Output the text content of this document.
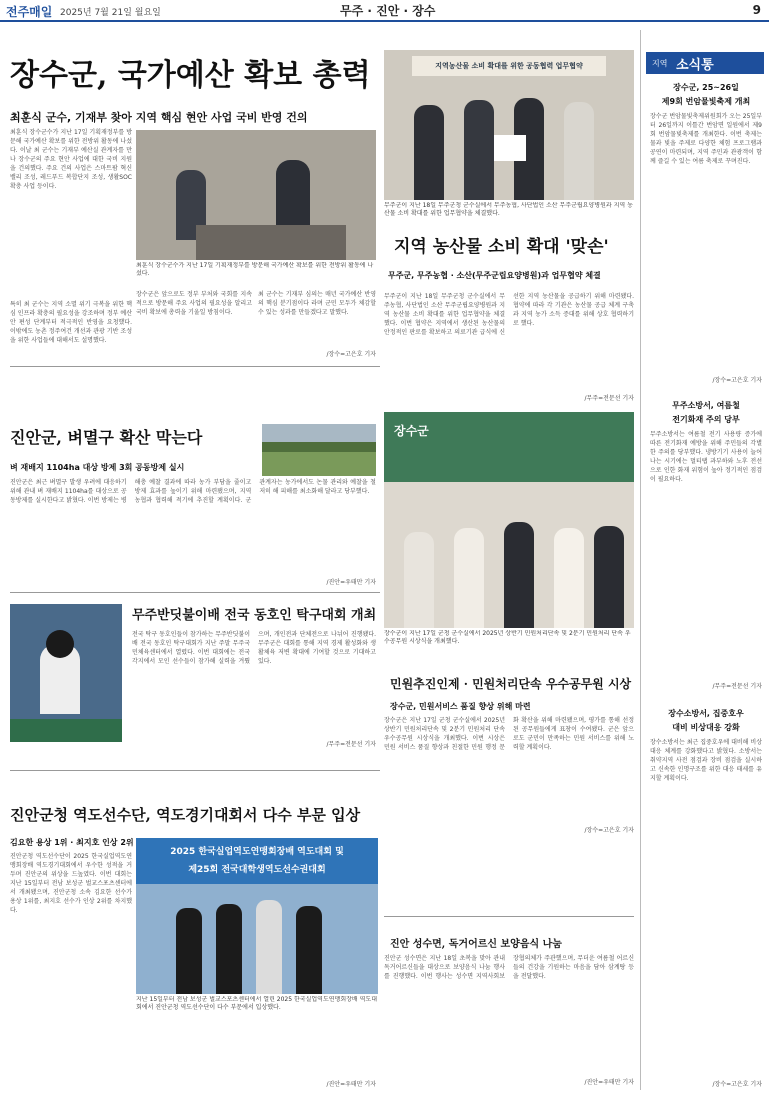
전주매일 2025년 7월 21일 월요일	무주 · 진안 · 장수	9
장수군, 국가예산 확보 총력
최훈식 군수, 기재부 찾아 지역 핵심 현안 사업 국비 반영 건의
최훈식 장수군수가 지난 17일 기획재정부를 방문해 국가예산 확보를 위한 전방위 활동에 나섰다. 이날 최 군수는 기재부 예산실 관계자를 만나 장수군의 주요 현안 사업에 대한 국비 지원을 건의했다. 주요 건의 사업은 스마트팜 혁신밸리 조성, 레드푸드 복합단지 조성, 생활SOC 확충 사업 등이다.
최훈식 장수군수가 지난 17일 기획재정부를 방문해 국가예산 확보를 위한 전방위 활동에 나섰다.
특히 최 군수는 지역 소멸 위기 극복을 위한 핵심 인프라 확충의 필요성을 강조하며 정부 예산안 편성 단계부터 적극적인 반영을 요청했다. 이밖에도 농촌 정주여건 개선과 관광 기반 조성을 위한 사업들에 대해서도 설명했다.
장수군은 앞으로도 정부 부처와 국회를 지속적으로 방문해 주요 사업의 필요성을 알리고 국비 확보에 총력을 기울일 방침이다.
최 군수는 기재부 심의는 매년 국가예산 반영의 핵심 분기점이다 라며 군민 모두가 체감할 수 있는 성과를 만들겠다고 말했다.
/장수=고은호 기자
지역농산물 소비 확대를 위한 공동협력 업무협약
무주군이 지난 18일 무주군청 군수실에서 무주농협, 사단법인 소산 무주군립요양병원과 지역 농산물 소비 확대를 위한 업무협약을 체결했다.
지역 농산물 소비 확대 '맞손'
무주군, 무주농협 · 소산(무주군립요양병원)과 업무협약 체결
무주군이 지난 18일 무주군청 군수실에서 무주농협, 사단법인 소산 무주군립요양병원과 지역 농산물 소비 확대를 위한 업무협약을 체결했다. 이번 협약은 지역에서 생산된 농산물의 안정적인 판로를 확보하고 의료기관 급식에 신선한 지역 농산물을 공급하기 위해 마련됐다. 협약에 따라 각 기관은 농산물 공급 체계 구축과 지역 농가 소득 증대를 위해 상호 협력하기로 했다.
/무주=전문선 기자
진안군, 벼멸구 확산 막는다
벼 재배지 1104ha 대상 방제 3회 공동방제 실시
진안군은 최근 벼멸구 발생 우려에 대응하기 위해 관내 벼 재배지 1104ha를 대상으로 공동방제를 실시한다고 밝혔다. 이번 방제는 병해충 예찰 결과에 따라 농가 부담을 줄이고 방제 효과를 높이기 위해 마련됐으며, 지역 농협과 협력해 적기에 추진할 계획이다. 군 관계자는 농가에서도 논물 관리와 예찰을 철저히 해 피해를 최소화해 달라고 당부했다.
/진안=우태만 기자
무주반딧불이배 전국 동호인 탁구대회 개최
전국 탁구 동호인들이 참가하는 무주반딧불이배 전국 동호인 탁구대회가 지난 주말 무주국민체육센터에서 열렸다. 이번 대회에는 전국 각지에서 모인 선수들이 참가해 실력을 겨뤘으며, 개인전과 단체전으로 나뉘어 진행됐다. 무주군은 대회를 통해 지역 경제 활성화와 생활체육 저변 확대에 기여할 것으로 기대하고 있다.
/무주=전문선 기자
진안군청 역도선수단, 역도경기대회서 다수 부문 입상
김요한 용상 1위 · 최지호 인상 2위
진안군청 역도선수단이 2025 한국실업역도연맹회장배 역도경기대회에서 우수한 성적을 거두며 진안군의 위상을 드높였다. 이번 대회는 지난 15일부터 전남 보성군 벌교스포츠센터에서 개최됐으며, 진안군청 소속 김요한 선수가 용상 1위를, 최지호 선수가 인상 2위를 차지했다.
2025 한국실업역도연맹회장배 역도대회 및
제25회 전국대학생역도선수권대회
지난 15일부터 전남 보성군 벌교스포츠센터에서 열린 2025 한국실업역도연맹회장배 역도대회에서 진안군청 역도선수단이 다수 부문에서 입상했다.
/진안=우태만 기자
장수군
장수군이 지난 17일 군청 군수실에서 2025년 상반기 민원처리단속 및 2분기 민원처리 단속 우수공무원 시상식을 개최했다.
민원추진인제 · 민원처리단속 우수공무원 시상
장수군, 민원서비스 품질 향상 위해 마련
장수군은 지난 17일 군청 군수실에서 2025년 상반기 민원처리단속 및 2분기 민원처리 단속 우수공무원 시상식을 개최했다. 이번 시상은 민원 서비스 품질 향상과 친절한 민원 행정 문화 확산을 위해 마련됐으며, 평가를 통해 선정된 공무원들에게 표창이 수여됐다. 군은 앞으로도 군민이 만족하는 민원 서비스를 위해 노력할 계획이다.
/장수=고은호 기자
진안 성수면, 독거어르신 보양음식 나눔
진안군 성수면은 지난 18일 초복을 맞아 관내 독거어르신들을 대상으로 보양음식 나눔 행사를 진행했다. 이번 행사는 성수면 지역사회보장협의체가 주관했으며, 무더운 여름철 어르신들의 건강을 기원하는 마음을 담아 삼계탕 등을 전달했다.
/진안=우태만 기자
지역 소식통
장수군, 25~26일
제9회 번암물빛축제 개최
장수군 번암물빛축제위원회가 오는 25일부터 26일까지 이틀간 번암면 일원에서 제9회 번암물빛축제를 개최한다. 이번 축제는 물과 빛을 주제로 다양한 체험 프로그램과 공연이 마련되며, 지역 주민과 관광객이 함께 즐길 수 있는 여름 축제로 꾸며진다.
/장수=고은호 기자
무주소방서, 여름철
전기화재 주의 당부
무주소방서는 여름철 전기 사용량 증가에 따른 전기화재 예방을 위해 주민들의 각별한 주의를 당부했다. 냉방기기 사용이 늘어나는 시기에는 멀티탭 과부하와 노후 전선으로 인한 화재 위험이 높아 정기적인 점검이 필요하다.
/무주=전문선 기자
장수소방서, 집중호우
대비 비상대응 강화
장수소방서는 최근 집중호우에 대비해 비상대응 체계를 강화했다고 밝혔다. 소방서는 취약지역 사전 점검과 장비 점검을 실시하고 신속한 인명구조를 위한 대응 태세를 유지할 계획이다.
/장수=고은호 기자
